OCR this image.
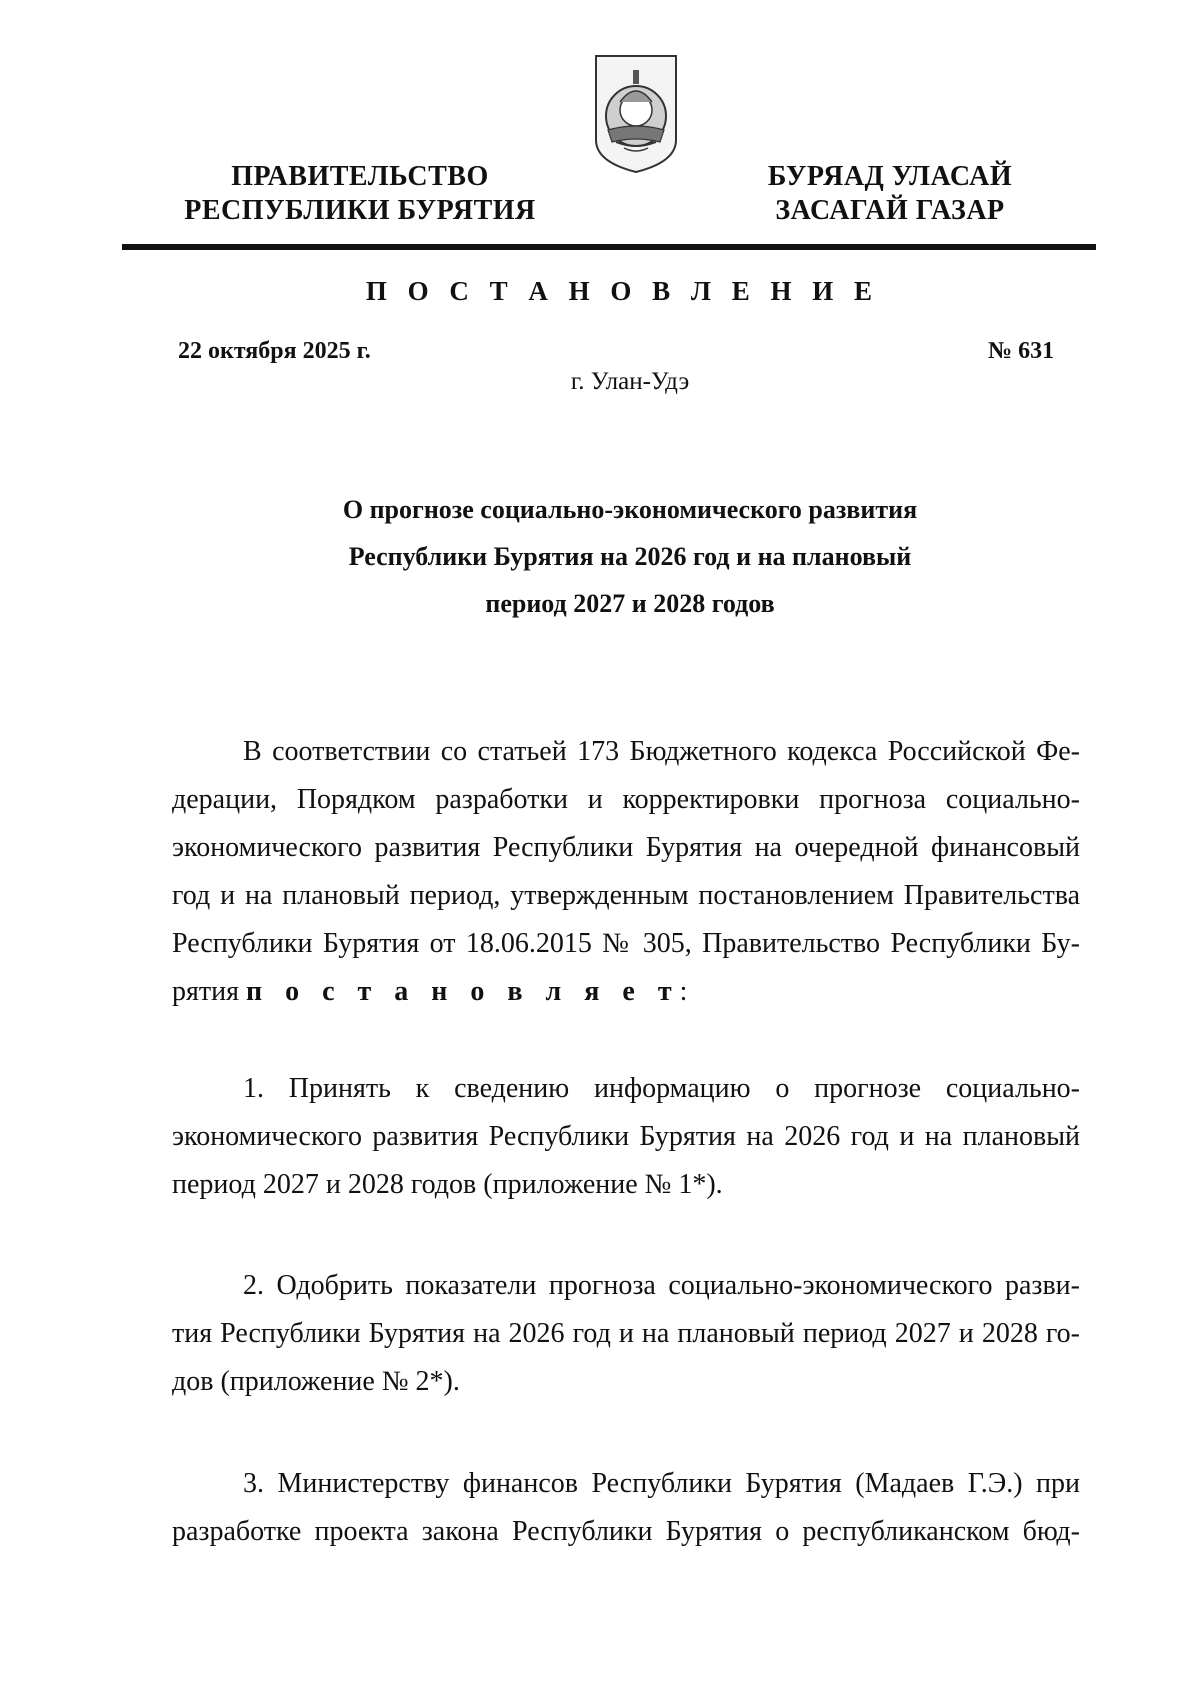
ПРАВИТЕЛЬСТВО
РЕСПУБЛИКИ БУРЯТИЯ
БУРЯАД УЛАСАЙ
ЗАСАГАЙ ГАЗАР
П О С Т А Н О В Л Е Н И Е
22 октября 2025 г.	№ 631
г. Улан-Удэ
О прогнозе социально-экономического развития
Республики Бурятия на 2026 год и на плановый
период 2027 и 2028 годов
В соответствии со статьей 173 Бюджетного кодекса Российской Фе-
дерации, Порядком разработки и корректировки прогноза социально-
экономического развития Республики Бурятия на очередной финансовый
год и на плановый период, утвержденным постановлением Правительства
Республики Бурятия от 18.06.2015 № 305, Правительство Республики Бу-
рятия п о с т а н о в л я е т:
1. Принять к сведению информацию о прогнозе социально-
экономического развития Республики Бурятия на 2026 год и на плановый
период 2027 и 2028 годов (приложение № 1*).
2. Одобрить показатели прогноза социально-экономического разви-
тия Республики Бурятия на 2026 год и на плановый период 2027 и 2028 го-
дов (приложение № 2*).
3. Министерству финансов Республики Бурятия (Мадаев Г.Э.) при
разработке проекта закона Республики Бурятия о республиканском бюд-
